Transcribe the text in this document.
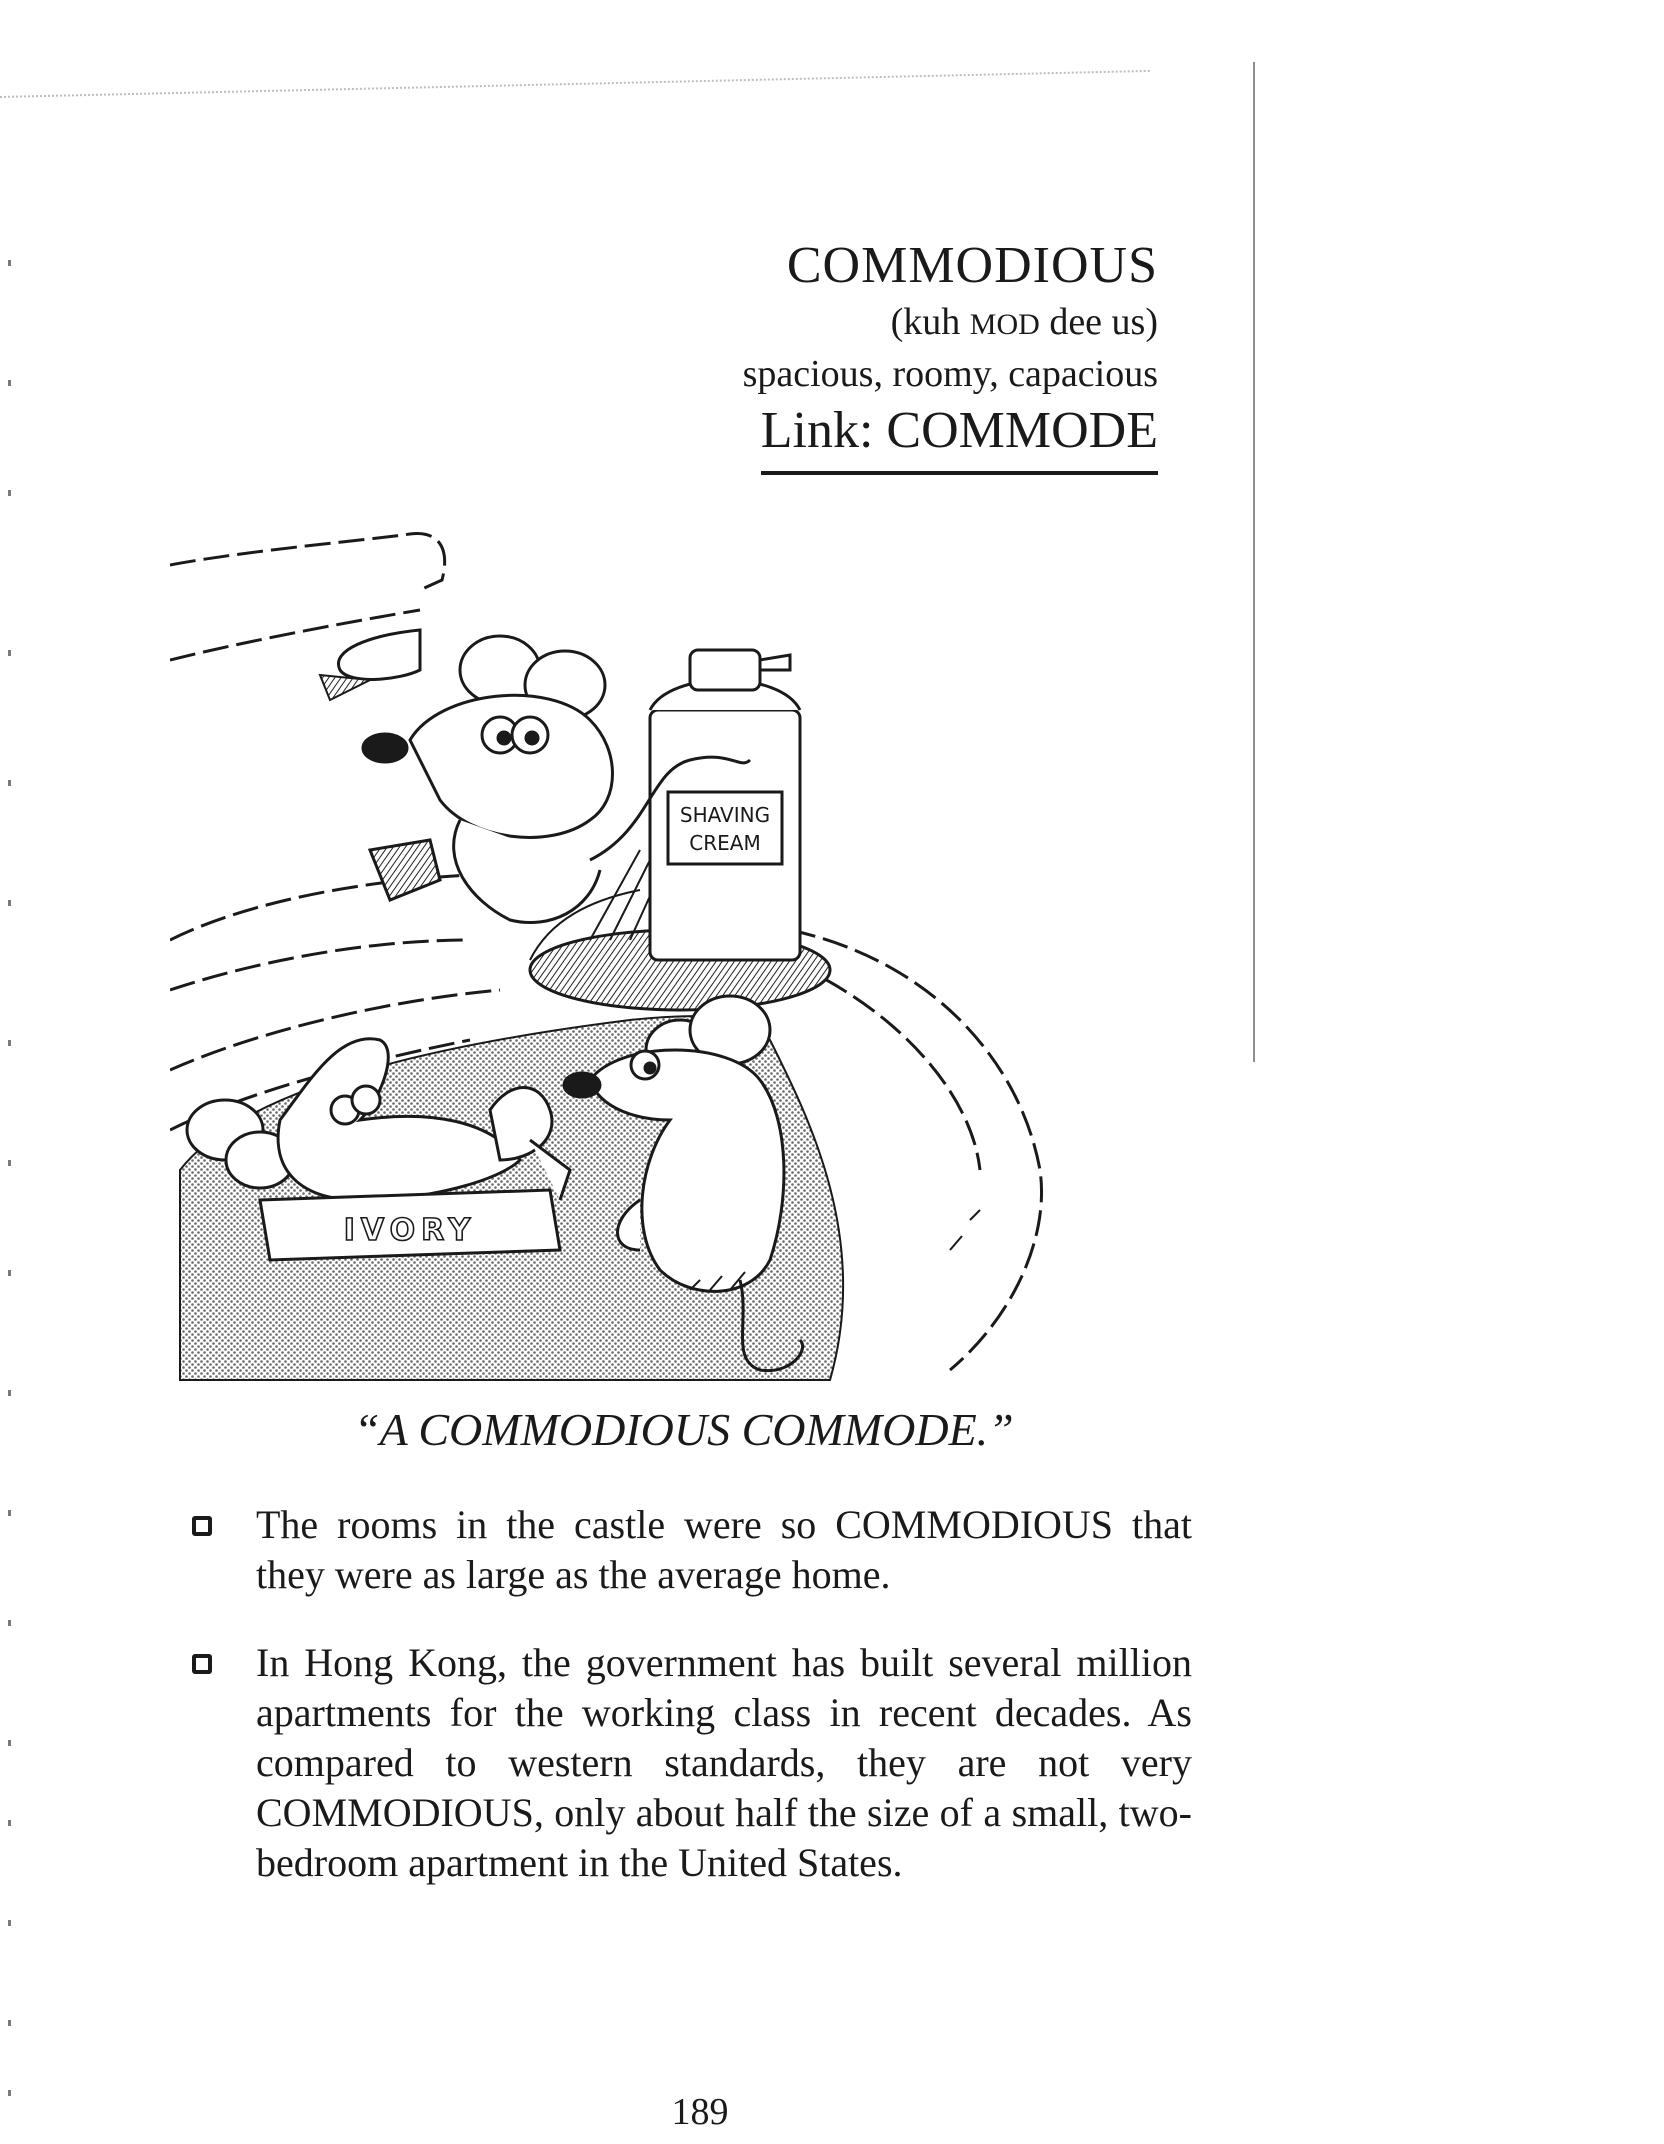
COMMODIOUS
(kuh MOD dee us)
spacious, roomy, capacious
Link: COMMODE
SHAVING
CREAM
IVORY
“A COMMODIOUS COMMODE.”
The rooms in the castle were so COMMODIOUS that they were as large as the average home.
In Hong Kong, the government has built several million apartments for the working class in recent decades. As compared to western standards, they are not very COMMODIOUS, only about half the size of a small, two-bedroom apartment in the United States.
189
